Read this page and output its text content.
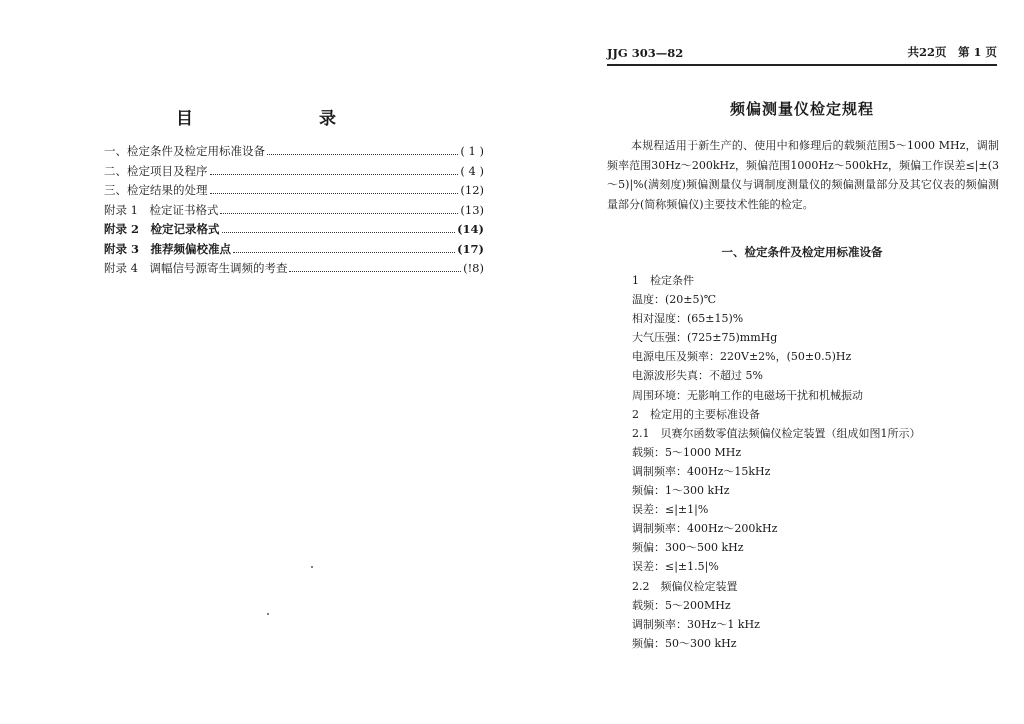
目 录
一、检定条件及检定用标准设备	( 1 )
二、检定项目及程序	( 4 )
三、检定结果的处理	(12)
附录 1　检定证书格式	(13)
附录 2　检定记录格式	(14)
附录 3　推荐频偏校准点	(17)
附录 4　调幅信号源寄生调频的考查	(!8)
JJG 303—82	共22页　第 1 页
频偏测量仪检定规程

本规程适用于新生产的、使用中和修理后的载频范围5～1000 MHz，调制频率范围30Hz～200kHz，频偏范围1000Hz～500kHz，频偏工作误差≤|±(3～5)|%(满刻度)频偏测量仪与调制度测量仪的频偏测量部分及其它仪表的频偏测量部分(简称频偏仪)主要技术性能的检定。

一、检定条件及检定用标准设备
1　检定条件
温度：(20±5)℃
相对湿度：(65±15)%
大气压强：(725±75)mmHg
电源电压及频率：220V±2%，(50±0.5)Hz
电源波形失真：不超过 5%
周围环境：无影响工作的电磁场干扰和机械振动
2　检定用的主要标准设备
2.1　贝赛尔函数零值法频偏仪检定装置（组成如图1所示）
载频：5～1000 MHz
调制频率：400Hz～15kHz
频偏：1～300 kHz
误差：≤|±1|%
调制频率：400Hz～200kHz
频偏：300～500 kHz
误差：≤|±1.5|%
2.2　频偏仪检定装置
载频：5～200MHz
调制频率：30Hz～1 kHz
频偏：50～300 kHz
